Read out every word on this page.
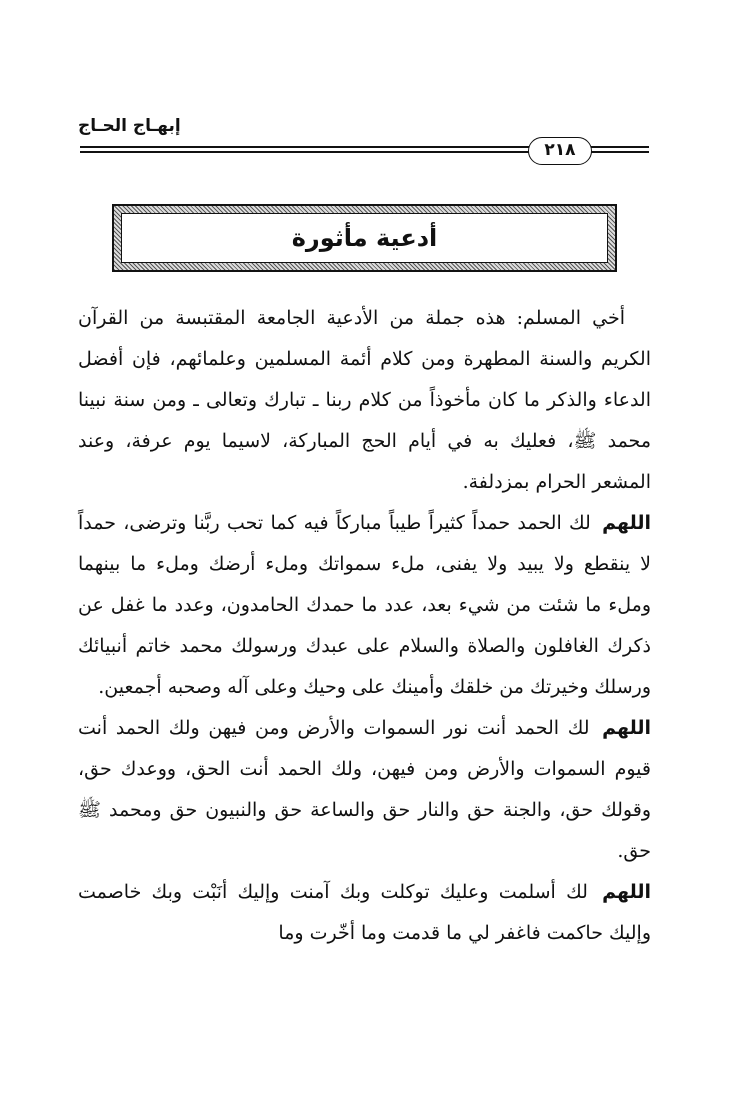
إبهـاج الحـاج
٢١٨
أدعية مأثورة

أخي المسلم: هذه جملة من الأدعية الجامعة المقتبسة من القرآن الكريم والسنة المطهرة ومن كلام أئمة المسلمين وعلمائهم، فإن أفضل الدعاء والذكر ما كان مأخوذاً من كلام ربنا ـ تبارك وتعالى ـ ومن سنة نبينا محمد ﷺ، فعليك به في أيام الحج المباركة، لاسيما يوم عرفة، وعند المشعر الحرام بمزدلفة.

اللهم لك الحمد حمداً كثيراً طيباً مباركاً فيه كما تحب ربَّنا وترضى، حمداً لا ينقطع ولا يبيد ولا يفنى، ملء سمواتك وملء أرضك وملء ما بينهما وملء ما شئت من شيء بعد، عدد ما حمدك الحامدون، وعدد ما غفل عن ذكرك الغافلون والصلاة والسلام على عبدك ورسولك محمد خاتم أنبيائك ورسلك وخيرتك من خلقك وأمينك على وحيك وعلى آله وصحبه أجمعين.

اللهم لك الحمد أنت نور السموات والأرض ومن فيهن ولك الحمد أنت قيوم السموات والأرض ومن فيهن، ولك الحمد أنت الحق، ووعدك حق، وقولك حق، والجنة حق والنار حق والساعة حق والنبيون حق ومحمد ﷺ حق.

اللهم لك أسلمت وعليك توكلت وبك آمنت وإليك أنَبْت وبك خاصمت وإليك حاكمت فاغفر لي ما قدمت وما أخّرت وما
